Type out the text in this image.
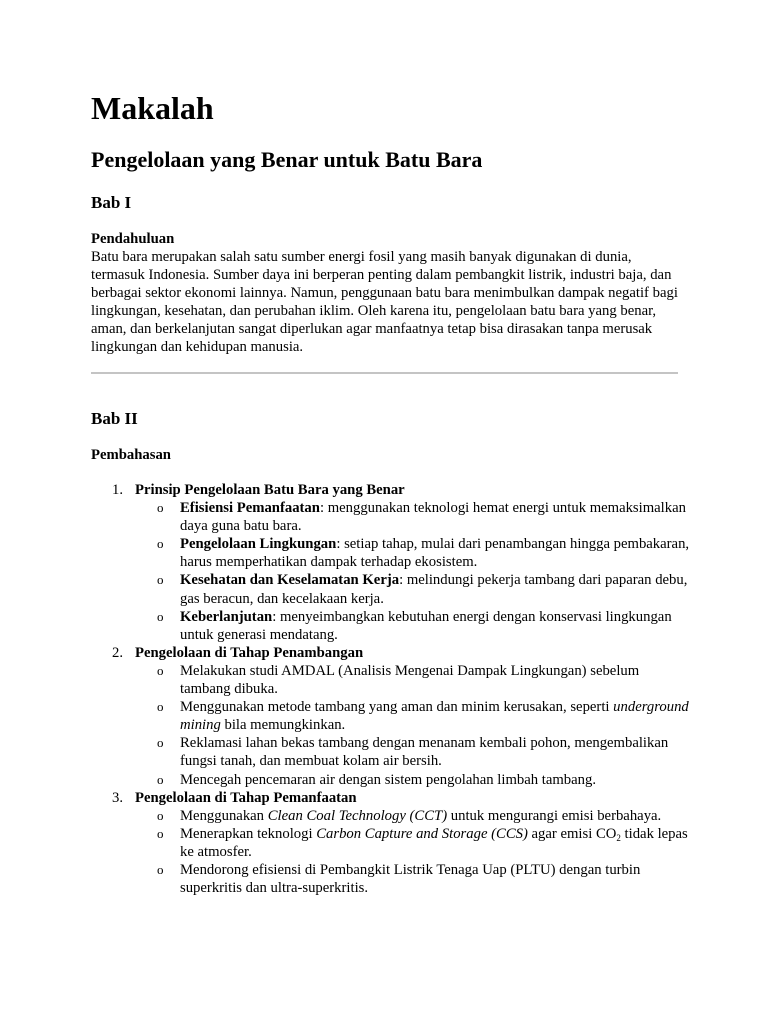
Makalah
Pengelolaan yang Benar untuk Batu Bara
Bab I
Pendahuluan

Batu bara merupakan salah satu sumber energi fosil yang masih banyak digunakan di dunia, termasuk Indonesia. Sumber daya ini berperan penting dalam pembangkit listrik, industri baja, dan berbagai sektor ekonomi lainnya. Namun, penggunaan batu bara menimbulkan dampak negatif bagi lingkungan, kesehatan, dan perubahan iklim. Oleh karena itu, pengelolaan batu bara yang benar, aman, dan berkelanjutan sangat diperlukan agar manfaatnya tetap bisa dirasakan tanpa merusak lingkungan dan kehidupan manusia.

Bab II
Pembahasan
1. Prinsip Pengelolaan Batu Bara yang Benar
o Efisiensi Pemanfaatan: menggunakan teknologi hemat energi untuk memaksimalkan daya guna batu bara.
o Pengelolaan Lingkungan: setiap tahap, mulai dari penambangan hingga pembakaran, harus memperhatikan dampak terhadap ekosistem.
o Kesehatan dan Keselamatan Kerja: melindungi pekerja tambang dari paparan debu, gas beracun, dan kecelakaan kerja.
o Keberlanjutan: menyeimbangkan kebutuhan energi dengan konservasi lingkungan untuk generasi mendatang.
2. Pengelolaan di Tahap Penambangan
o Melakukan studi AMDAL (Analisis Mengenai Dampak Lingkungan) sebelum tambang dibuka.
o Menggunakan metode tambang yang aman dan minim kerusakan, seperti underground mining bila memungkinkan.
o Reklamasi lahan bekas tambang dengan menanam kembali pohon, mengembalikan fungsi tanah, dan membuat kolam air bersih.
o Mencegah pencemaran air dengan sistem pengolahan limbah tambang.
3. Pengelolaan di Tahap Pemanfaatan
o Menggunakan Clean Coal Technology (CCT) untuk mengurangi emisi berbahaya.
o Menerapkan teknologi Carbon Capture and Storage (CCS) agar emisi $CO_2$ tidak lepas ke atmosfer.
o Mendorong efisiensi di Pembangkit Listrik Tenaga Uap (PLTU) dengan turbin superkritis dan ultra-superkritis.
